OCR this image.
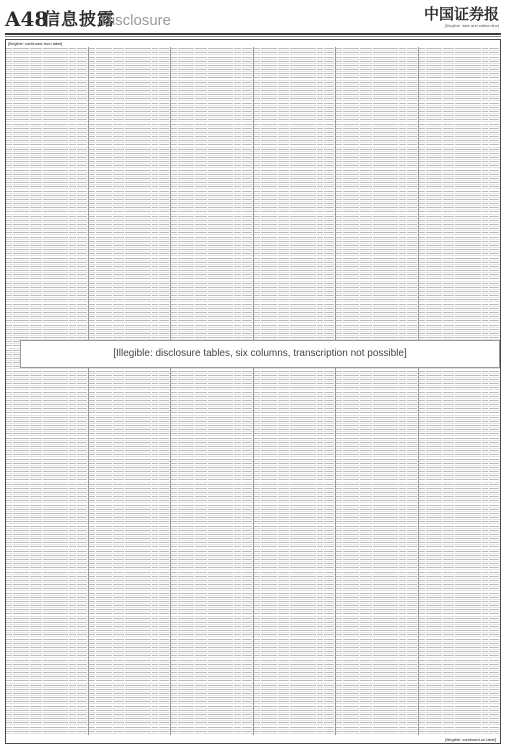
A48
信息披露
Disclosure	中国证券报
[Illegible: date and edition line]
[Illegible: continued-from label]
[Illegible: disclosure tables, six columns, transcription not possible]
[Illegible: continued-on label]
